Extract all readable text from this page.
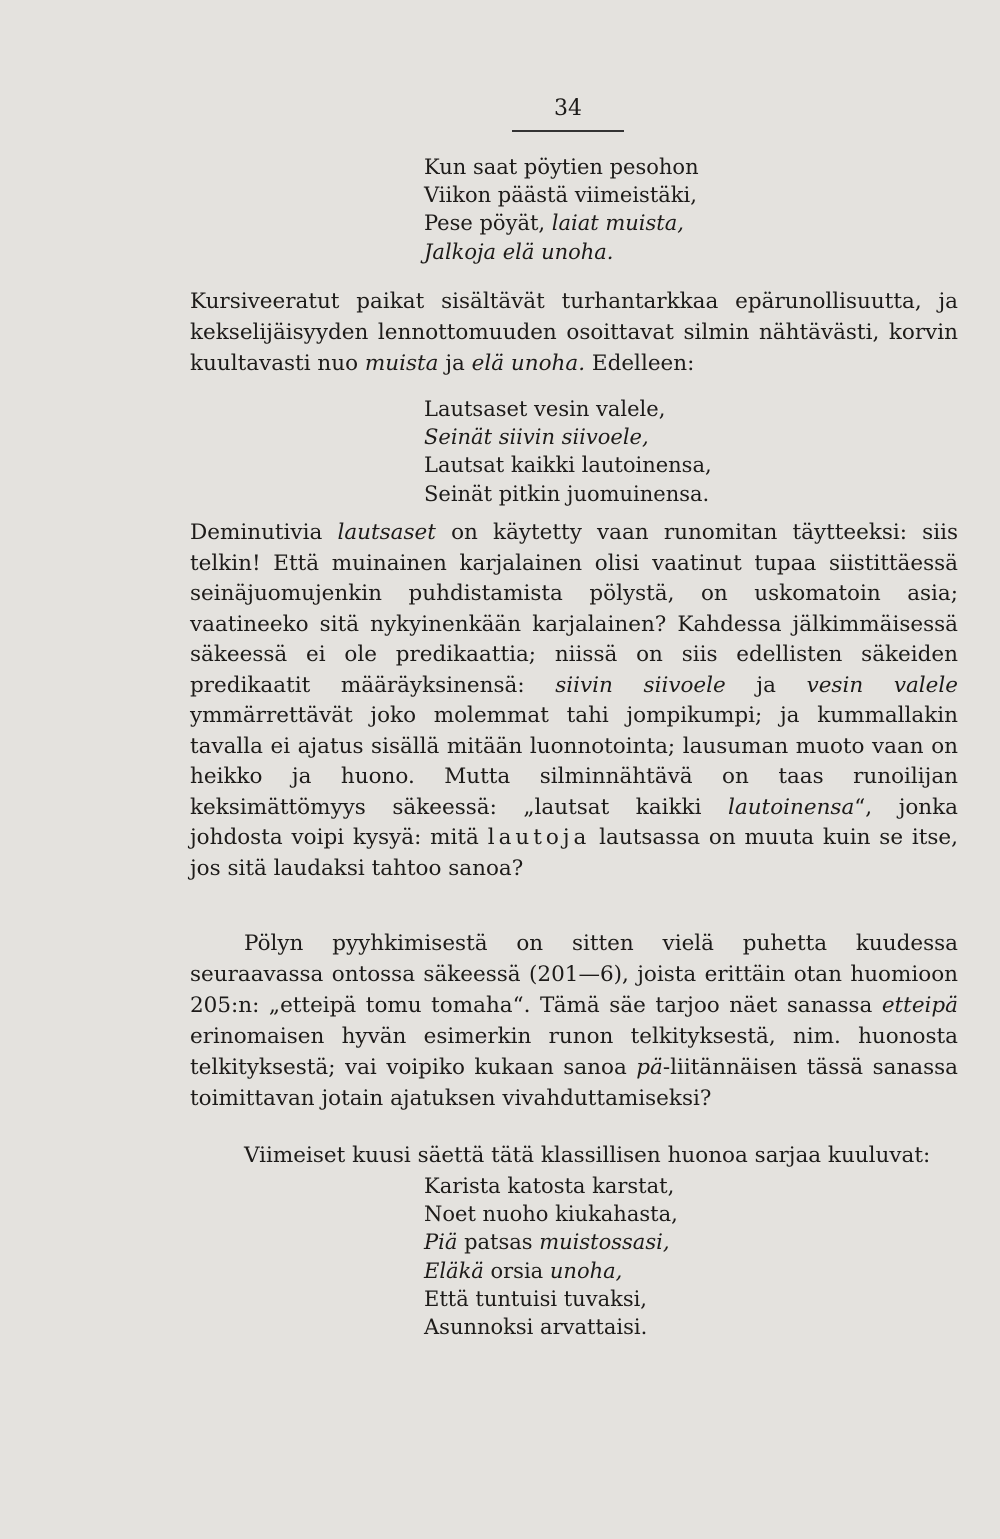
34
Kun saat pöytien pesohon
Viikon päästä viimeistäki,
Pese pöyät, laiat muista,
Jalkoja elä unoha.

Kursiveeratut paikat sisältävät turhantarkkaa epärunollisuutta, ja kekselijäisyyden lennottomuuden osoittavat silmin nähtävästi, korvin kuultavasti nuo muista ja elä unoha. Edelleen:

Lautsaset vesin valele,
Seinät siivin siivoele,
Lautsat kaikki lautoinensa,
Seinät pitkin juomuinensa.

Deminutivia lautsaset on käytetty vaan runomitan täytteeksi: siis telkin! Että muinainen karjalainen olisi vaatinut tupaa siistittäessä seinäjuomujenkin puhdistamista pölystä, on uskomatoin asia; vaatineeko sitä nykyinenkään karjalainen? Kahdessa jälkimmäisessä säkeessä ei ole predikaattia; niissä on siis edellisten säkeiden predikaatit määräyksinensä: siivin siivoele ja vesin valele ymmärrettävät joko molemmat tahi jompikumpi; ja kummallakin tavalla ei ajatus sisällä mitään luonnotointa; lausuman muoto vaan on heikko ja huono. Mutta silminnähtävä on taas runoilijan keksimättömyys säkeessä: „lautsat kaikki lautoinensa“, jonka johdosta voipi kysyä: mitä lautoja lautsassa on muuta kuin se itse, jos sitä laudaksi tahtoo sanoa?

Pölyn pyyhkimisestä on sitten vielä puhetta kuudessa seuraavassa ontossa säkeessä (201—6), joista erittäin otan huomioon 205:n: „etteipä tomu tomaha“. Tämä säe tarjoo näet sanassa etteipä erinomaisen hyvän esimerkin runon telkityksestä, nim. huonosta telkityksestä; vai voipiko kukaan sanoa pä-liitännäisen tässä sanassa toimittavan jotain ajatuksen vivahduttamiseksi?

Viimeiset kuusi säettä tätä klassillisen huonoa sarjaa kuuluvat:

Karista katosta karstat,
Noet nuoho kiukahasta,
Piä patsas muistossasi,
Eläkä orsia unoha,
Että tuntuisi tuvaksi,
Asunnoksi arvattaisi.
